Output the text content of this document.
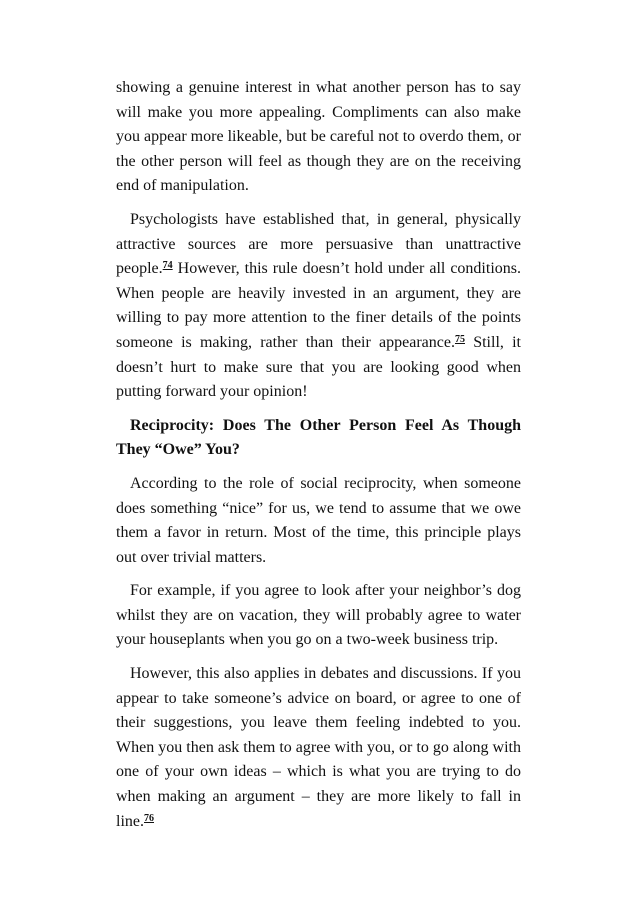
showing a genuine interest in what another person has to say will make you more appealing. Compliments can also make you appear more likeable, but be careful not to overdo them, or the other person will feel as though they are on the receiving end of manipulation.

Psychologists have established that, in general, physically attractive sources are more persuasive than unattractive people.$^{74}$ However, this rule doesn’t hold under all conditions. When people are heavily invested in an argument, they are willing to pay more attention to the finer details of the points someone is making, rather than their appearance.$^{75}$ Still, it doesn’t hurt to make sure that you are looking good when putting forward your opinion!

Reciprocity: Does The Other Person Feel As Though They “Owe” You?

According to the role of social reciprocity, when someone does something “nice” for us, we tend to assume that we owe them a favor in return. Most of the time, this principle plays out over trivial matters.

For example, if you agree to look after your neighbor’s dog whilst they are on vacation, they will probably agree to water your houseplants when you go on a two-week business trip.

However, this also applies in debates and discussions. If you appear to take someone’s advice on board, or agree to one of their suggestions, you leave them feeling indebted to you. When you then ask them to agree with you, or to go along with one of your own ideas – which is what you are trying to do when making an argument – they are more likely to fall in line.$^{76}$
